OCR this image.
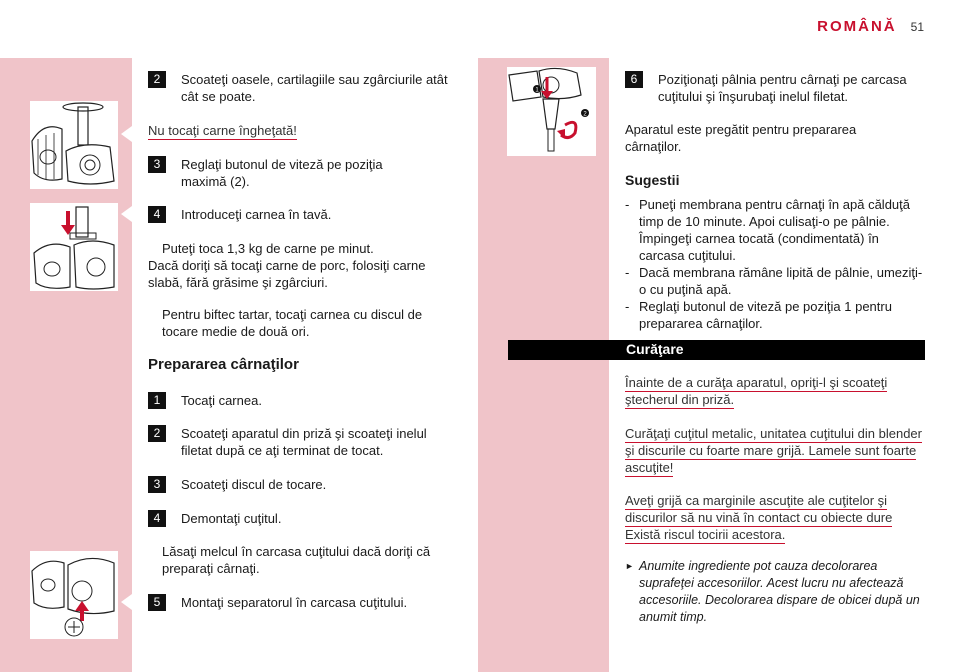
ROMÂNĂ 51
1
2
2	Scoateţi oasele, cartilagiile sau zgârciurile atât cât se poate.
Nu tocaţi carne îngheţată!
3	Reglaţi butonul de viteză pe poziţia maximă (2).
4	Introduceţi carnea în tavă.
Puteţi toca 1,3 kg de carne pe minut.
Dacă doriţi să tocaţi carne de porc, folosiţi carne slabă, fără grăsime şi zgârciuri.
Pentru biftec tartar, tocaţi carnea cu discul de tocare medie de două ori.
Prepararea cârnaţilor
1	Tocaţi carnea.
2	Scoateţi aparatul din priză şi scoateţi inelul filetat după ce aţi terminat de tocat.
3	Scoateţi discul de tocare.
4	Demontaţi cuţitul.
Lăsaţi melcul în carcasa cuţitului dacă doriţi că preparaţi cârnaţi.
5	Montaţi separatorul în carcasa cuţitului.
6	Poziţionaţi pâlnia pentru cârnaţi pe carcasa cuţitului şi înşurubaţi inelul filetat.
Aparatul este pregătit pentru prepararea cârnaţilor.
Sugestii
- Puneţi membrana pentru cârnaţi în apă călduţă timp de 10 minute. Apoi culisaţi-o pe pâlnie. Împingeţi carnea tocată (condimentată) în carcasa cuţitului.
- Dacă membrana rămâne lipită de pâlnie, umeziţi-o cu puţină apă.
- Reglaţi butonul de viteză pe poziţia 1 pentru prepararea cârnaţilor.
Curăţare
Înainte de a curăţa aparatul, opriţi-l şi scoateţi ştecherul din priză.
Curăţaţi cuţitul metalic, unitatea cuţitului din blender şi discurile cu foarte mare grijă. Lamele sunt foarte ascuţite!
Aveţi grijă ca marginile ascuţite ale cuţitelor şi discurilor să nu vină în contact cu obiecte dure Există riscul tocirii acestora.
► Anumite ingrediente pot cauza decolorarea suprafeţei accesoriilor. Acest lucru nu afectează accesoriile. Decolorarea dispare de obicei după un anumit timp.
